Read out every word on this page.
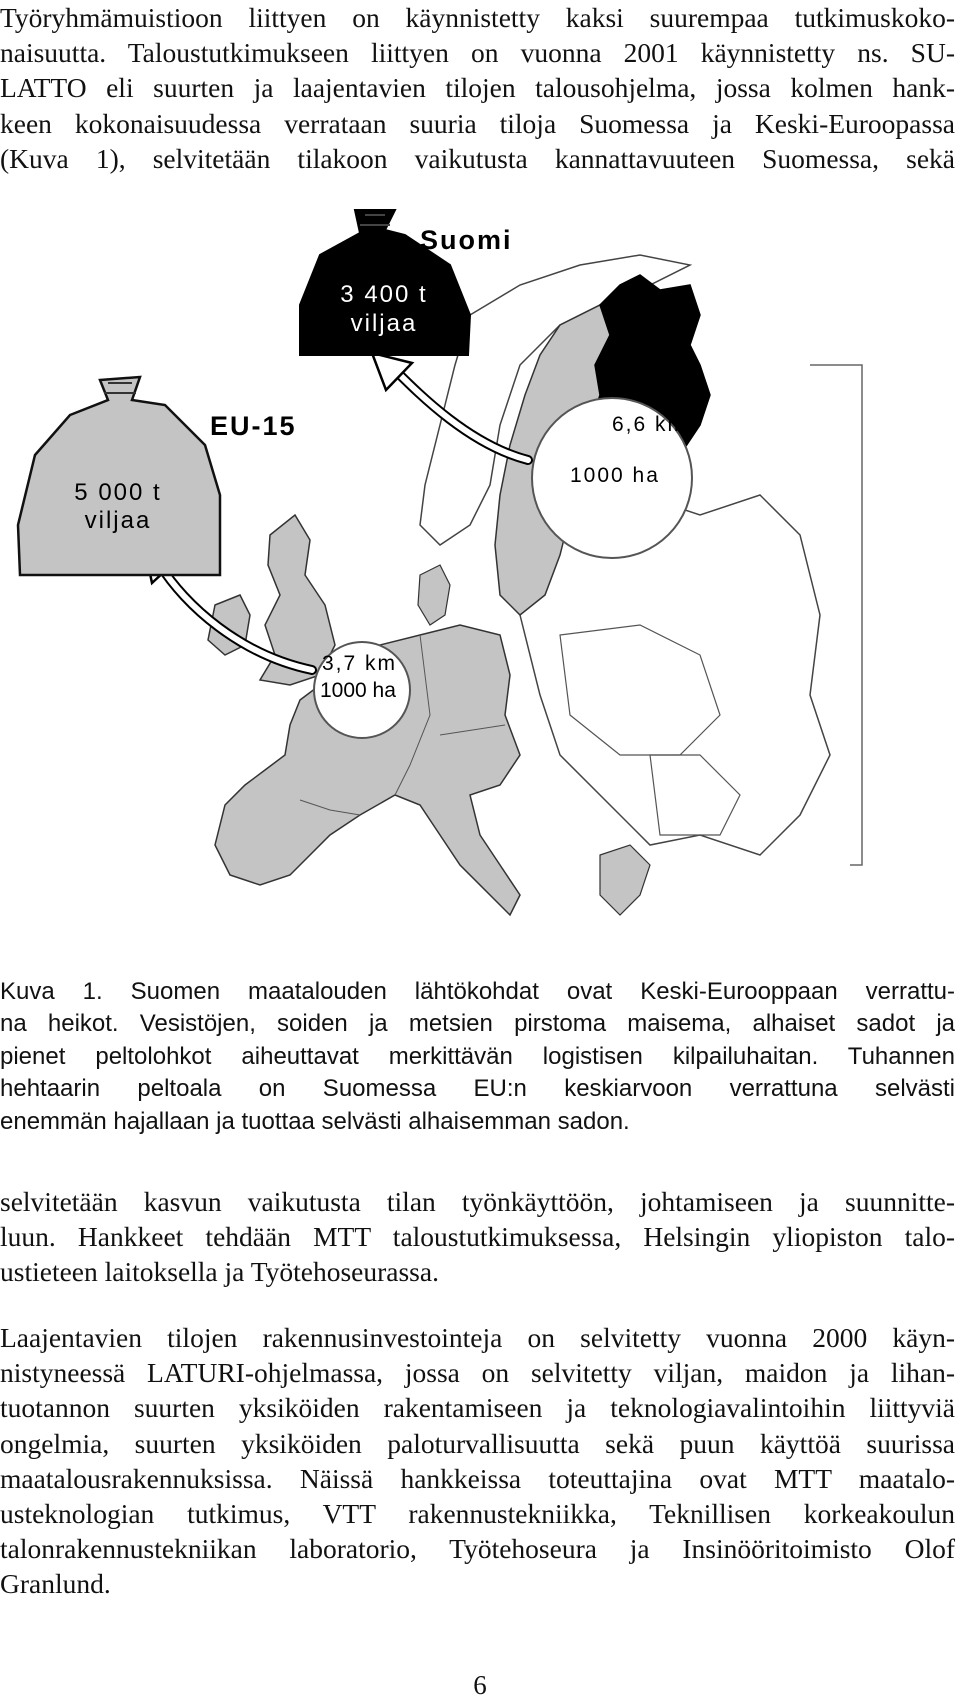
Työryhmämuistioon liittyen on käynnistetty kaksi suurempaa tutkimuskoko-
naisuutta. Taloustutkimukseen liittyen on vuonna 2001 käynnistetty ns. SU-
LATTO eli suurten ja laajentavien tilojen talousohjelma, jossa kolmen hank-
keen kokonaisuudessa verrataan suuria tiloja Suomessa ja Keski-Euroopassa
(Kuva 1), selvitetään tilakoon vaikutusta kannattavuuteen Suomessa, sekä
Suomi
EU-15
3 400 t
viljaa
5 000 t
viljaa
6,6 km
1000 ha
3,7 km
1000 ha
Kuva 1. Suomen maatalouden lähtökohdat ovat Keski-Eurooppaan verrattu-
na heikot. Vesistöjen, soiden ja metsien pirstoma maisema, alhaiset sadot ja
pienet peltolohkot aiheuttavat merkittävän logistisen kilpailuhaitan. Tuhannen
hehtaarin peltoala on Suomessa EU:n keskiarvoon verrattuna selvästi
enemmän hajallaan ja tuottaa selvästi alhaisemman sadon.
selvitetään kasvun vaikutusta tilan työnkäyttöön, johtamiseen ja suunnitte-
luun. Hankkeet tehdään MTT taloustutkimuksessa, Helsingin yliopiston talo-
ustieteen laitoksella ja Työtehoseurassa.
Laajentavien tilojen rakennusinvestointeja on selvitetty vuonna 2000 käyn-
nistyneessä LATURI-ohjelmassa, jossa on selvitetty viljan, maidon ja lihan-
tuotannon suurten yksiköiden rakentamiseen ja teknologiavalintoihin liittyviä
ongelmia, suurten yksiköiden paloturvallisuutta sekä puun käyttöä suurissa
maatalousrakennuksissa. Näissä hankkeissa toteuttajina ovat MTT maatalo-
usteknologian tutkimus, VTT rakennustekniikka, Teknillisen korkeakoulun
talonrakennustekniikan laboratorio, Työtehoseura ja Insinööritoimisto Olof
Granlund.
6
